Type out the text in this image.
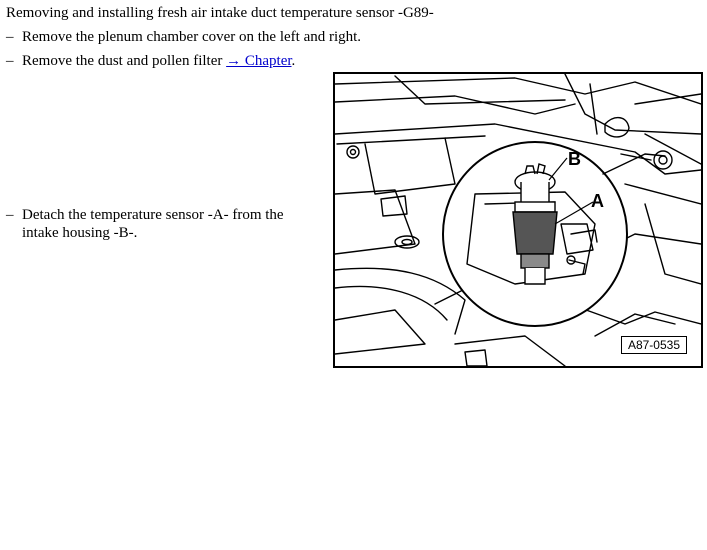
Removing and installing fresh air intake duct temperature sensor -G89-
– Remove the plenum chamber cover on the left and right.
– Remove the dust and pollen filter → Chapter.
– Detach the temperature sensor -A- from the intake housing -B-.
B
A
A87-0535
